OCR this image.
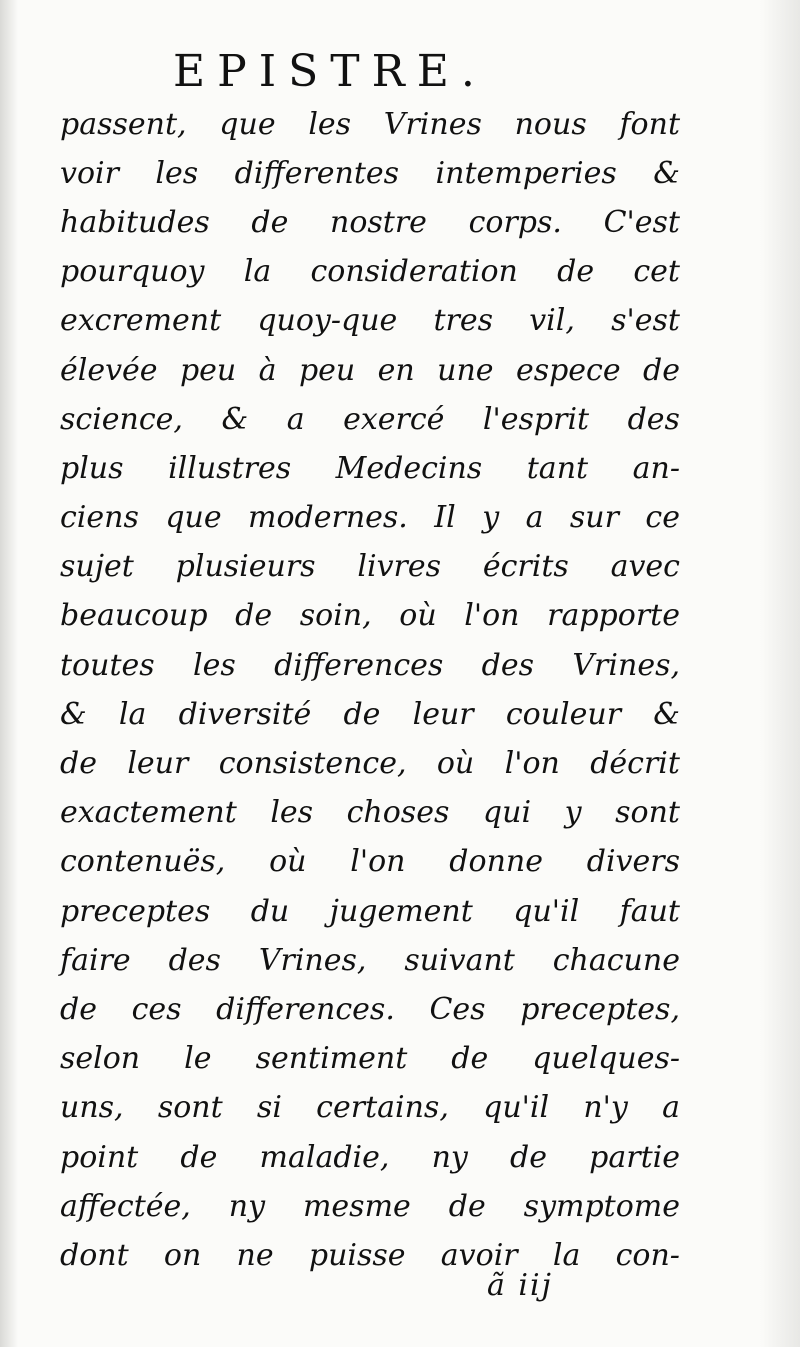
EPISTRE.
passent, que les Vrines nous font
voir les differentes intemperies &
habitudes de nostre corps. C'est
pourquoy la consideration de cet
excrement quoy-que tres vil, s'est
élevée peu à peu en une espece de
science, & a exercé l'esprit des
plus illustres Medecins tant an-
ciens que modernes. Il y a sur ce
sujet plusieurs livres écrits avec
beaucoup de soin, où l'on rapporte
toutes les differences des Vrines,
& la diversité de leur couleur &
de leur consistence, où l'on décrit
exactement les choses qui y sont
contenuës, où l'on donne divers
preceptes du jugement qu'il faut
faire des Vrines, suivant chacune
de ces differences. Ces preceptes,
selon le sentiment de quelques-
uns, sont si certains, qu'il n'y a
point de maladie, ny de partie
affectée, ny mesme de symptome
dont on ne puisse avoir la con-
ã iij
